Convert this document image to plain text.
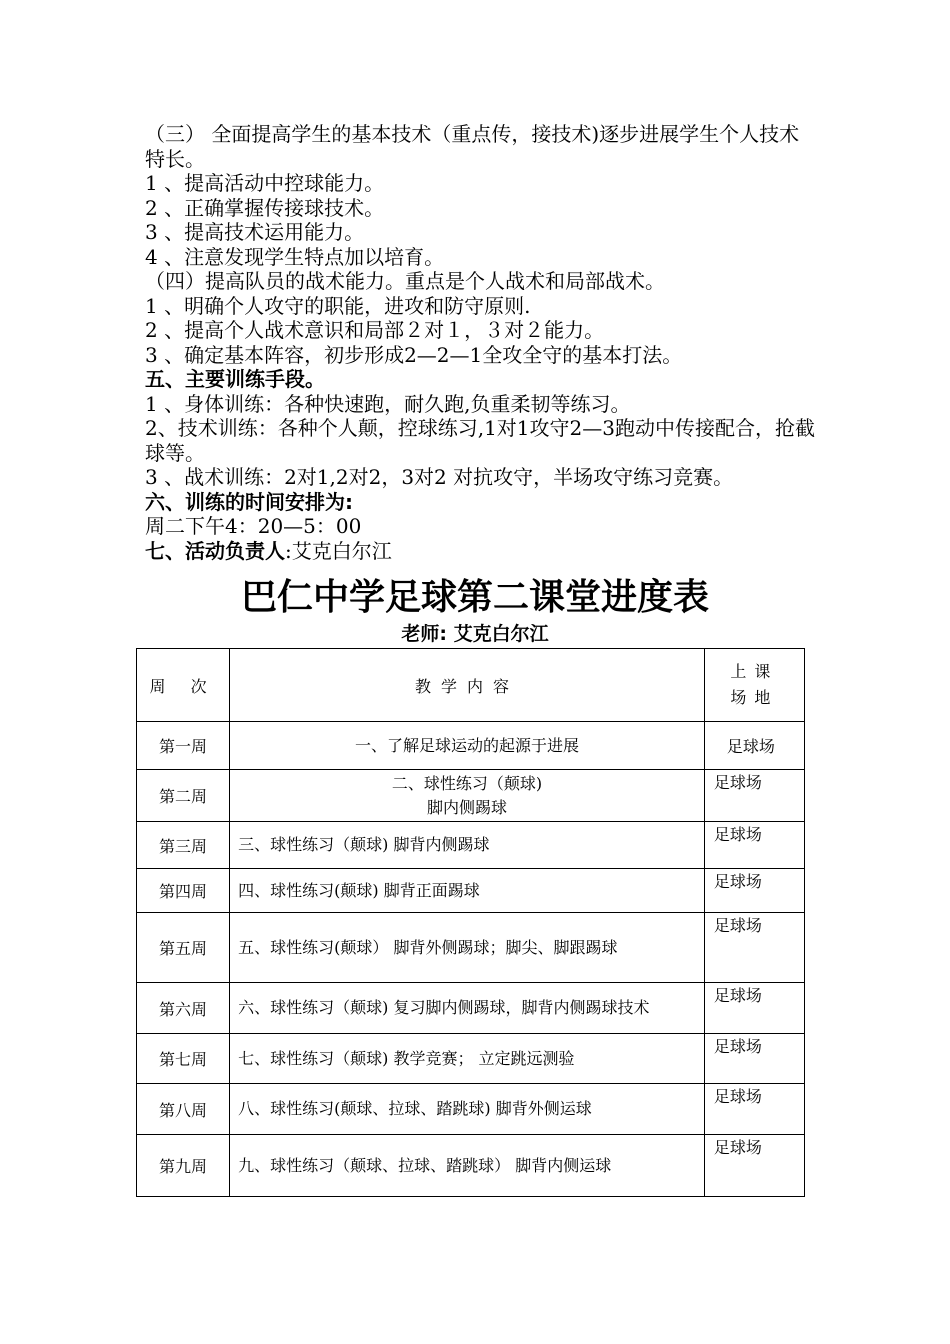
（三） 全面提高学生的基本技术（重点传，接技术)逐步进展学生个人技术特长。
1 、提高活动中控球能力。
2 、正确掌握传接球技术。
3 、提高技术运用能力。
4 、注意发现学生特点加以培育。
（四）提高队员的战术能力。重点是个人战术和局部战术。
1 、明确个人攻守的职能，进攻和防守原则.
2 、提高个人战术意识和局部２对１，３对２能力。
3 、确定基本阵容，初步形成2—2—1全攻全守的基本打法。
五、主要训练手段。
1 、身体训练：各种快速跑，耐久跑,负重柔韧等练习。
2、技术训练：各种个人颠，控球练习,1对1攻守2—3跑动中传接配合，抢截球等。
3 、战术训练：2对1,2对2，3对2 对抗攻守，半场攻守练习竞赛。
六、训练的时间安排为:
周二下午4：20—5：00
七、活动负责人:艾克白尔江
巴仁中学足球第二课堂进度表
老师: 艾克白尔江
周 次	教学内容	上课
场地

第一周	一、了解足球运动的起源于进展	足球场
第二周	二、球性练习（颠球)
脚内侧踢球	足球场
第三周	三、球性练习（颠球) 脚背内侧踢球	足球场
第四周	四、球性练习(颠球) 脚背正面踢球	足球场
第五周	五、球性练习(颠球） 脚背外侧踢球；脚尖、脚跟踢球	足球场
第六周	六、球性练习（颠球) 复习脚内侧踢球，脚背内侧踢球技术	足球场
第七周	七、球性练习（颠球) 教学竞赛； 立定跳远测验	足球场
第八周	八、球性练习(颠球、拉球、踏跳球) 脚背外侧运球	足球场
第九周	九、球性练习（颠球、拉球、踏跳球） 脚背内侧运球	足球场
